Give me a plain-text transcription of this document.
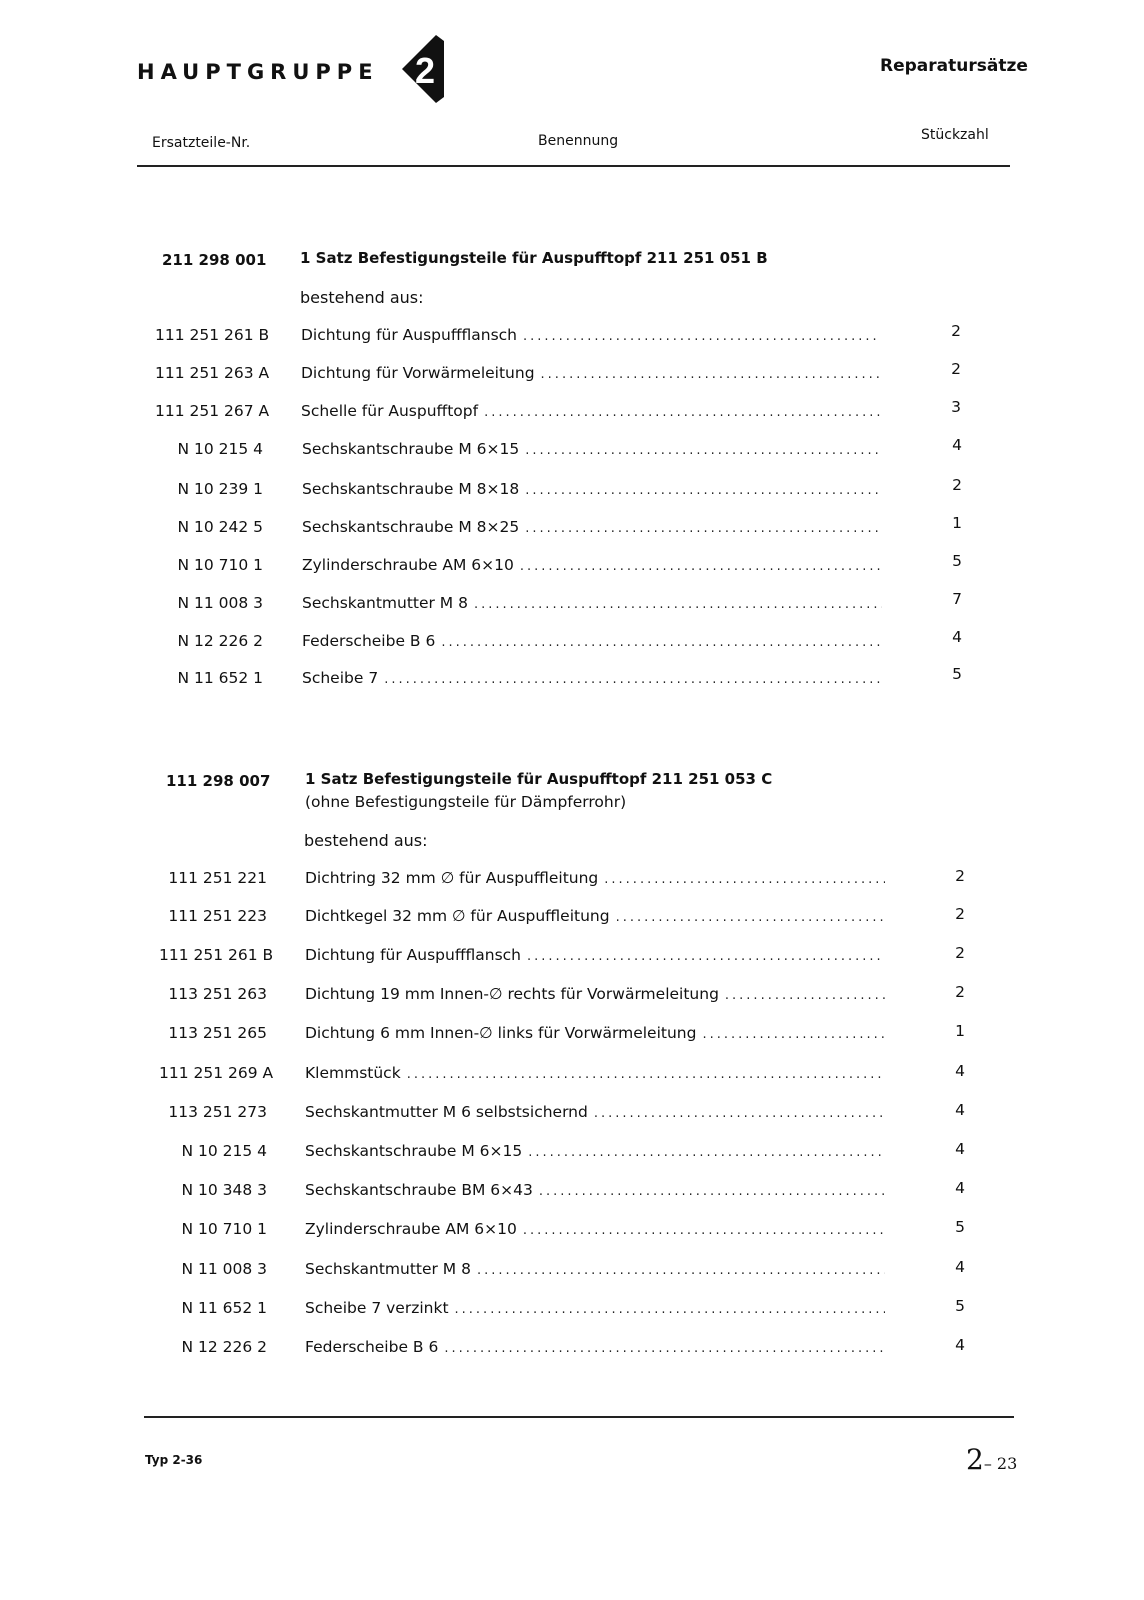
HAUPTGRUPPE 2	Reparatursätze
Ersatzteile-Nr.	Benennung	Stückzahl
211 298 001 1 Satz Befestigungsteile für Auspufftopf 211 251 051 B
bestehend aus:
111 251 261 B Dichtung für Auspuffflansch .....	2
111 251 263 A Dichtung für Vorwärmeleitung .....	2
111 251 267 A Schelle für Auspufftopf .....	3
N 10 215 4	Sechskantschraube M 6×15 .....	4
N 10 239 1	Sechskantschraube M 8×18 .....	2
N 10 242 5	Sechskantschraube M 8×25 .....	1
N 10 710 1	Zylinderschraube AM 6×10 .....	5
N 11 008 3	Sechskantmutter M 8 .....	7
N 12 226 2	Federscheibe B 6 .....	4
N 11 652 1	Scheibe 7 .....	5
111 298 007 1 Satz Befestigungsteile für Auspufftopf 211 251 053 C
(ohne Befestigungsteile für Dämpferrohr)
bestehend aus:
111 251 221 Dichtring 32 mm ∅ für Auspuffleitung .....	2
111 251 223 Dichtkegel 32 mm ∅ für Auspuffleitung .....	2
111 251 261 B Dichtung für Auspuffflansch .....	2
113 251 263 Dichtung 19 mm Innen-∅ rechts für Vorwärmeleitung .....	2
113 251 265 Dichtung 6 mm Innen-∅ links für Vorwärmeleitung .....	1
111 251 269 A Klemmstück .....	4
113 251 273 Sechskantmutter M 6 selbstsichernd .....	4
N 10 215 4 Sechskantschraube M 6×15 .....	4
N 10 348 3 Sechskantschraube BM 6×43 .....	4
N 10 710 1 Zylinderschraube AM 6×10 .....	5
N 11 008 3 Sechskantmutter M 8 .....	4
N 11 652 1 Scheibe 7 verzinkt .....	5
N 12 226 2 Federscheibe B 6 .....	4
Typ 2-36	2– 23
